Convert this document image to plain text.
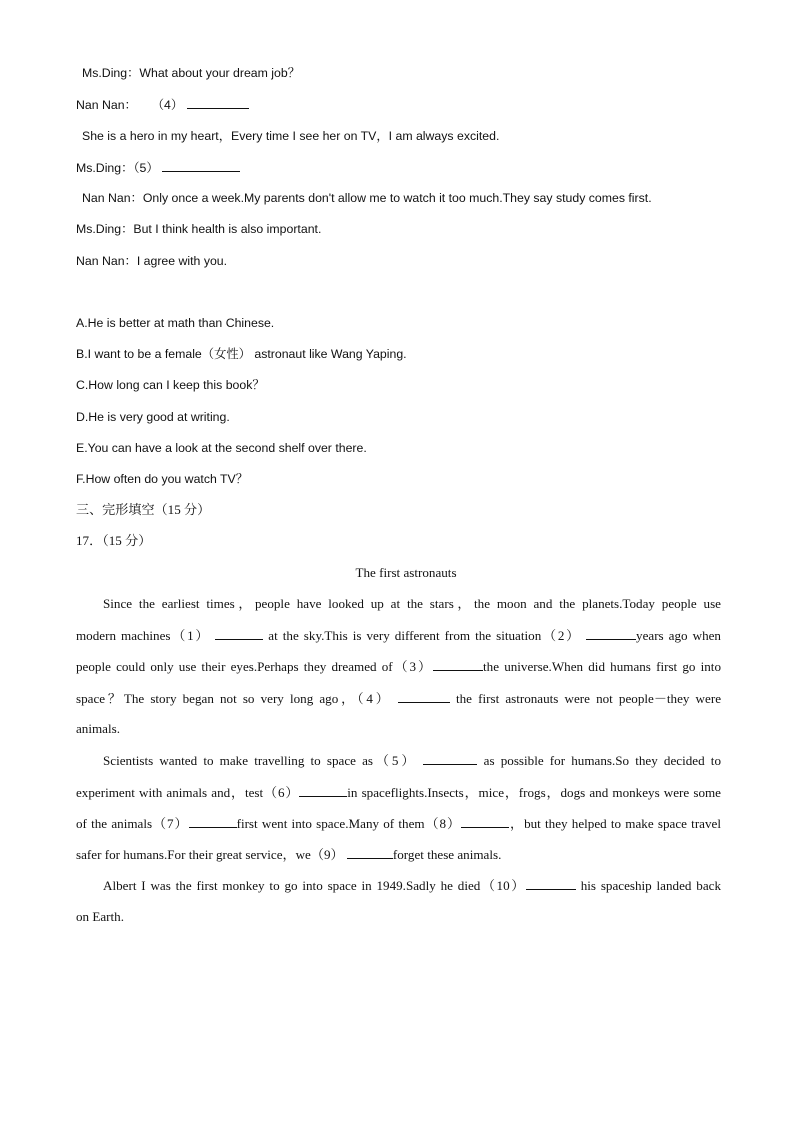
Ms.Ding：What about your dream job？
Nan Nan： （4）
She is a hero in my heart，Every time I see her on TV，I am always excited.
Ms.Ding：（5）
Nan Nan：Only once a week.My parents don't allow me to watch it too much.They say study comes first.
Ms.Ding：But I think health is also important.
Nan Nan：I agree with you.
A.He is better at math than Chinese.
B.I want to be a female（女性） astronaut like Wang Yaping.
C.How long can I keep this book？
D.He is very good at writing.
E.You can have a look at the second shelf over there.
F.How often do you watch TV？
三、完形填空（15 分）
17．（15 分）
The first astronauts
Since the earliest times，people have looked up at the stars，the moon and the planets.Today people use
modern machines（1）	at the sky.This is very different from the situation（2）	years ago when
people could only use their eyes.Perhaps they dreamed of（3）	the universe.When did humans first go into
space？The story began not so very long ago，（4）	the first astronauts were not people－they were
animals.
Scientists wanted to make travelling to space as（5）	as possible for humans.So they decided to
experiment with animals and，test（6）	in spaceflights.Insects，mice，frogs，dogs and monkeys were some
of the animals（7）	first went into space.Many of them（8）	，but they helped to make space travel
safer for humans.For their great service，we（9）	forget these animals.
Albert I was the first monkey to go into space in 1949.Sadly he died（10）	his spaceship landed back
on Earth.
